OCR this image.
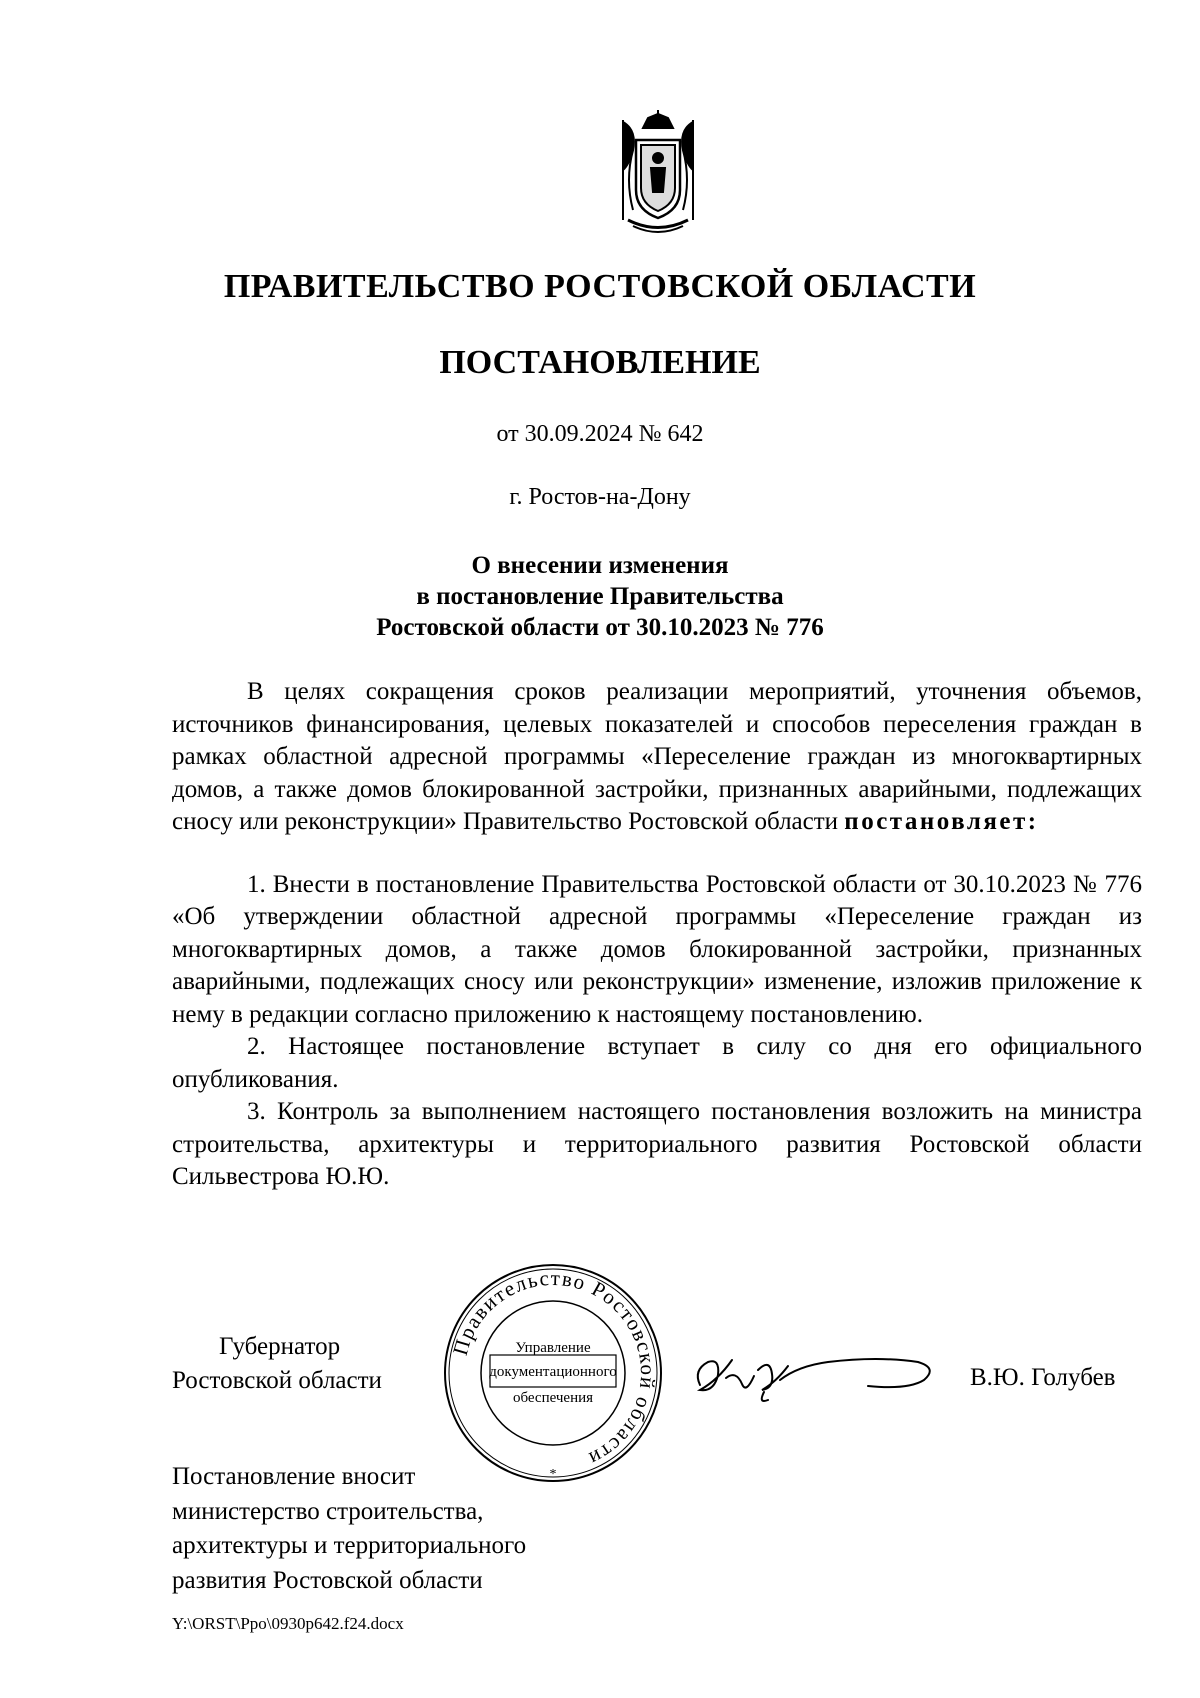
ПРАВИТЕЛЬСТВО РОСТОВСКОЙ ОБЛАСТИ
ПОСТАНОВЛЕНИЕ
от 30.09.2024 № 642
г. Ростов-на-Дону
О внесении изменения
в постановление Правительства
Ростовской области от 30.10.2023 № 776

В целях сокращения сроков реализации мероприятий, уточнения объемов, источников финансирования, целевых показателей и способов переселения граждан в рамках областной адресной программы «Переселение граждан из многоквартирных домов, а также домов блокированной застройки, признанных аварийными, подлежащих сносу или реконструкции» Правительство Ростовской области постановляет:

1. Внести в постановление Правительства Ростовской области от 30.10.2023 № 776 «Об утверждении областной адресной программы «Переселение граждан из многоквартирных домов, а также домов блокированной застройки, признанных аварийными, подлежащих сносу или реконструкции» изменение, изложив приложение к нему в редакции согласно приложению к настоящему постановлению.

2. Настоящее постановление вступает в силу со дня его официального опубликования.

3. Контроль за выполнением настоящего постановления возложить на министра строительства, архитектуры и территориального развития Ростовской области Сильвестрова Ю.Ю.

Губернатор
Ростовской области
Правительство Ростовской области
Управление
документационного
обеспечения
*
В.Ю. Голубев
Постановление вносит
министерство строительства,
архитектуры и территориального
развития Ростовской области
Y:\ORST\Ppo\0930p642.f24.docx
